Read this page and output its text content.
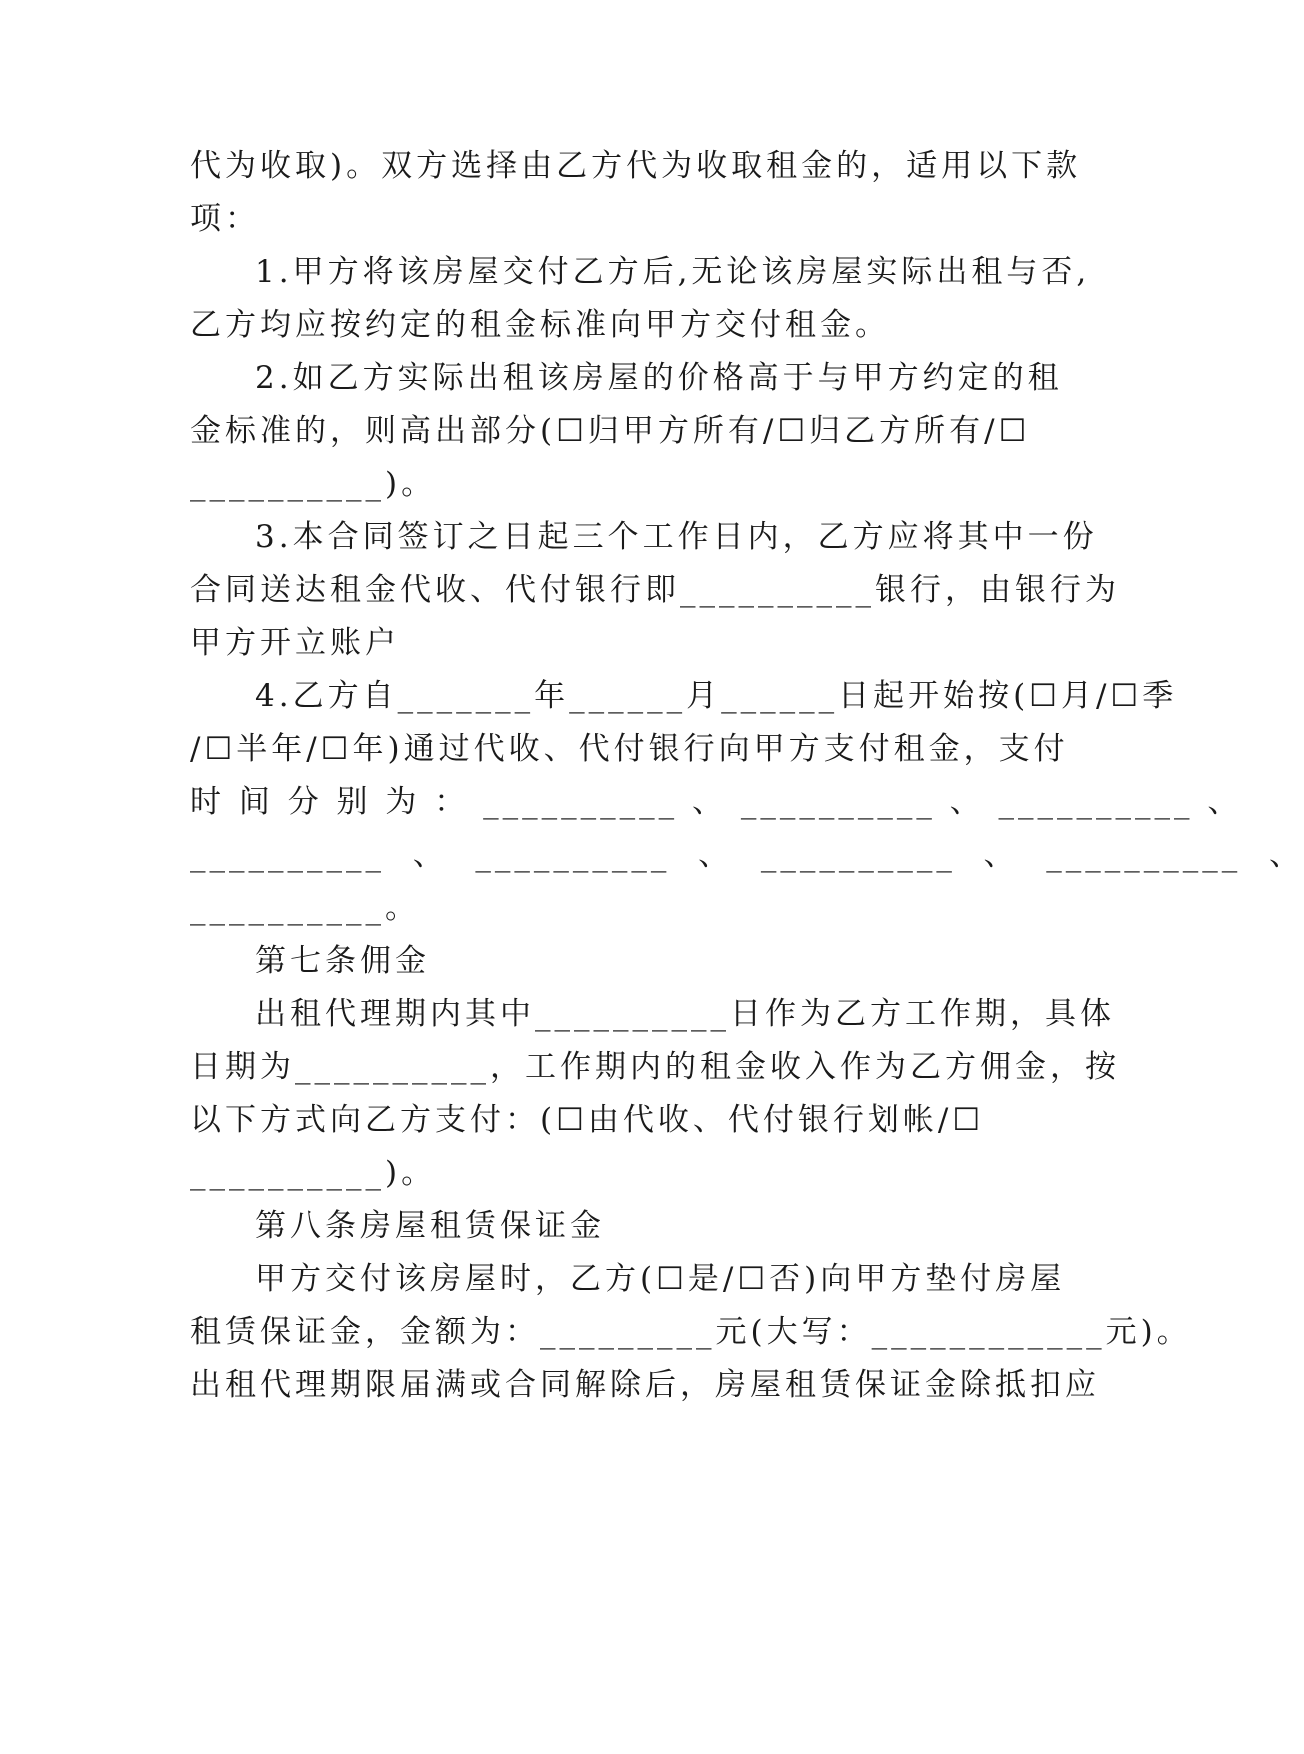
代为收取)。双方选择由乙方代为收取租金的，适用以下款
项：
1.甲方将该房屋交付乙方后,无论该房屋实际出租与否,
乙方均应按约定的租金标准向甲方交付租金。
2.如乙方实际出租该房屋的价格高于与甲方约定的租
金标准的，则高出部分(☐归甲方所有/☐归乙方所有/☐
__________)。
3.本合同签订之日起三个工作日内，乙方应将其中一份
合同送达租金代收、代付银行即__________银行，由银行为
甲方开立账户
4.乙方自_______年______月______日起开始按(☐月/☐季
/☐半年/☐年)通过代收、代付银行向甲方支付租金，支付
时 间 分 别 为 ： __________ 、 __________ 、 __________ 、
__________  、  __________  、  __________  、  __________  、
__________。
第七条佣金
出租代理期内其中__________日作为乙方工作期，具体
日期为__________，工作期内的租金收入作为乙方佣金，按
以下方式向乙方支付：(☐由代收、代付银行划帐/☐
__________)。
第八条房屋租赁保证金
甲方交付该房屋时，乙方(☐是/☐否)向甲方垫付房屋
租赁保证金，金额为：_________元(大写：____________元)。
出租代理期限届满或合同解除后，房屋租赁保证金除抵扣应
